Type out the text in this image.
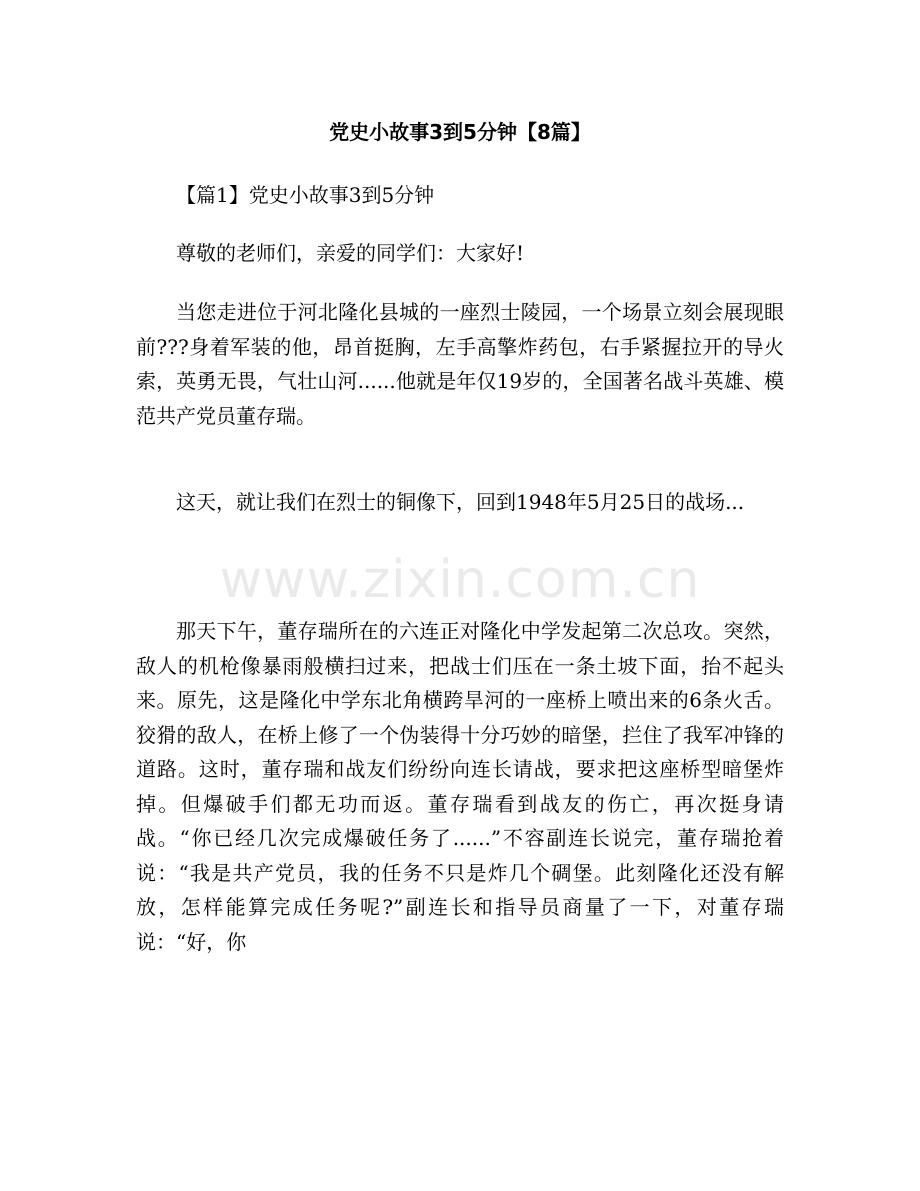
党史小故事3到5分钟【8篇】
【篇1】党史小故事3到5分钟

尊敬的老师们，亲爱的同学们：大家好!

当您走进位于河北隆化县城的一座烈士陵园，一个场景立刻会展现眼前???身着军装的他，昂首挺胸，左手高擎炸药包，右手紧握拉开的导火索，英勇无畏，气壮山河......他就是年仅19岁的，全国著名战斗英雄、模范共产党员董存瑞。

这天，就让我们在烈士的铜像下，回到1948年5月25日的战场...

那天下午，董存瑞所在的六连正对隆化中学发起第二次总攻。突然，敌人的机枪像暴雨般横扫过来，把战士们压在一条土坡下面，抬不起头来。原先，这是隆化中学东北角横跨旱河的一座桥上喷出来的6条火舌。狡猾的敌人，在桥上修了一个伪装得十分巧妙的暗堡，拦住了我军冲锋的道路。这时，董存瑞和战友们纷纷向连长请战，要求把这座桥型暗堡炸掉。但爆破手们都无功而返。董存瑞看到战友的伤亡，再次挺身请战。“你已经几次完成爆破任务了......”不容副连长说完，董存瑞抢着说：“我是共产党员，我的任务不只是炸几个碉堡。此刻隆化还没有解放，怎样能算完成任务呢?”副连长和指导员商量了一下，对董存瑞说：“好，你

www.zixin.com.cn
